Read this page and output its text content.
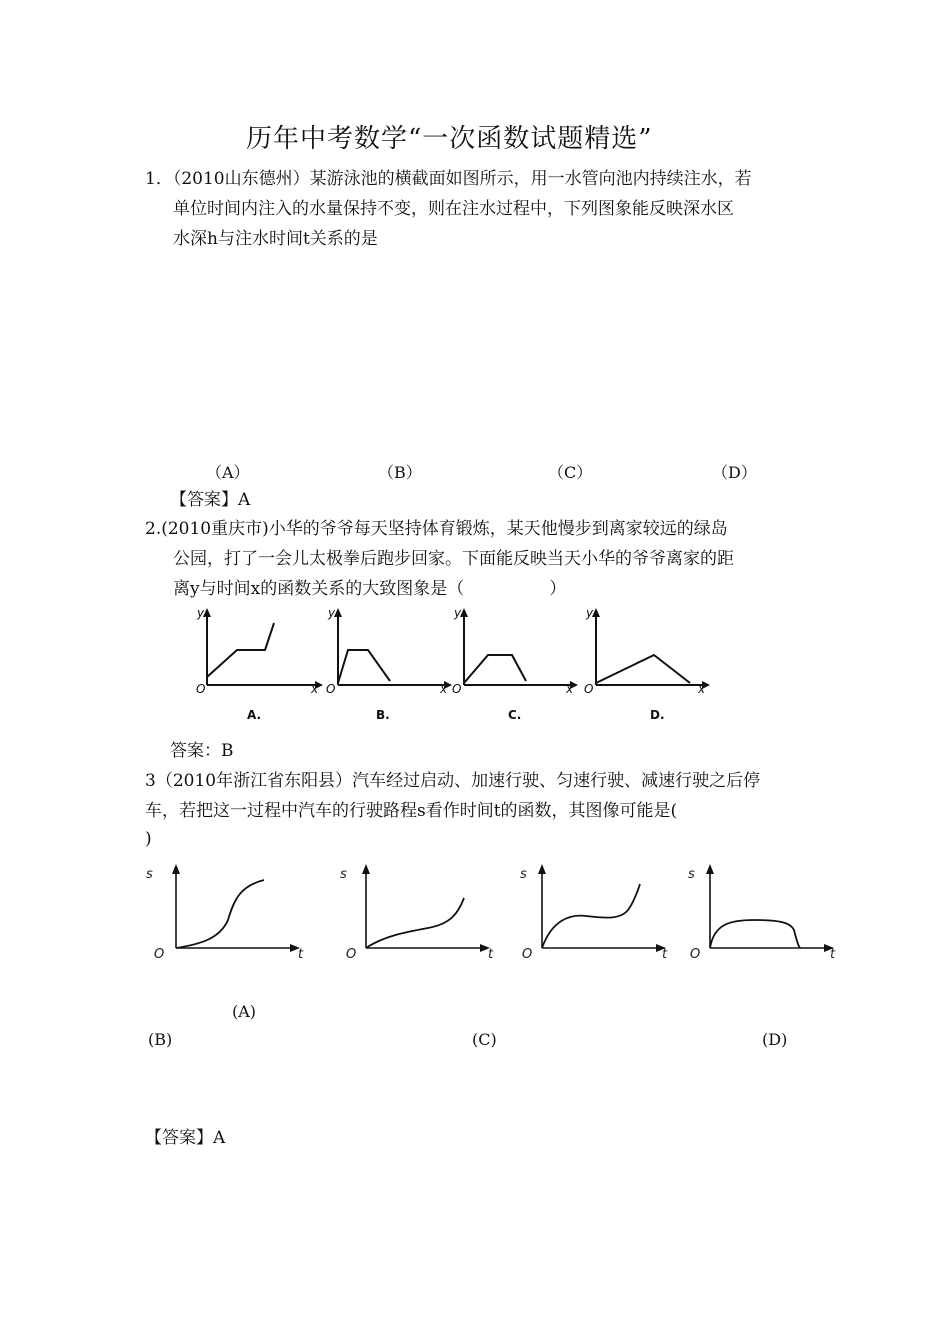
历年中考数学“一次函数试题精选”
1．（2010山东德州）某游泳池的横截面如图所示，用一水管向池内持续注水，若
单位时间内注入的水量保持不变，则在注水过程中，下列图象能反映深水区
水深h与注水时间t关系的是
（A）	（B）	（C）	（D）
【答案】A
2.(2010重庆市)小华的爷爷每天坚持体育锻炼，某天他慢步到离家较远的绿岛
公园，打了一会儿太极拳后跑步回家。下面能反映当天小华的爷爷离家的距
离y与时间x的函数关系的大致图象是（　　　　　）
y
x
O
A.
y
x
O
B.
y
x
O
C.
y
x
O
D.
答案：B
3（2010年浙江省东阳县）汽车经过启动、加速行驶、匀速行驶、减速行驶之后停
车，若把这一过程中汽车的行驶路程s看作时间t的函数，其图像可能是(
)
s
t
O
s
t
O
s
t
O
s
t
O
(A)
(B)	(C)	(D)
【答案】A
